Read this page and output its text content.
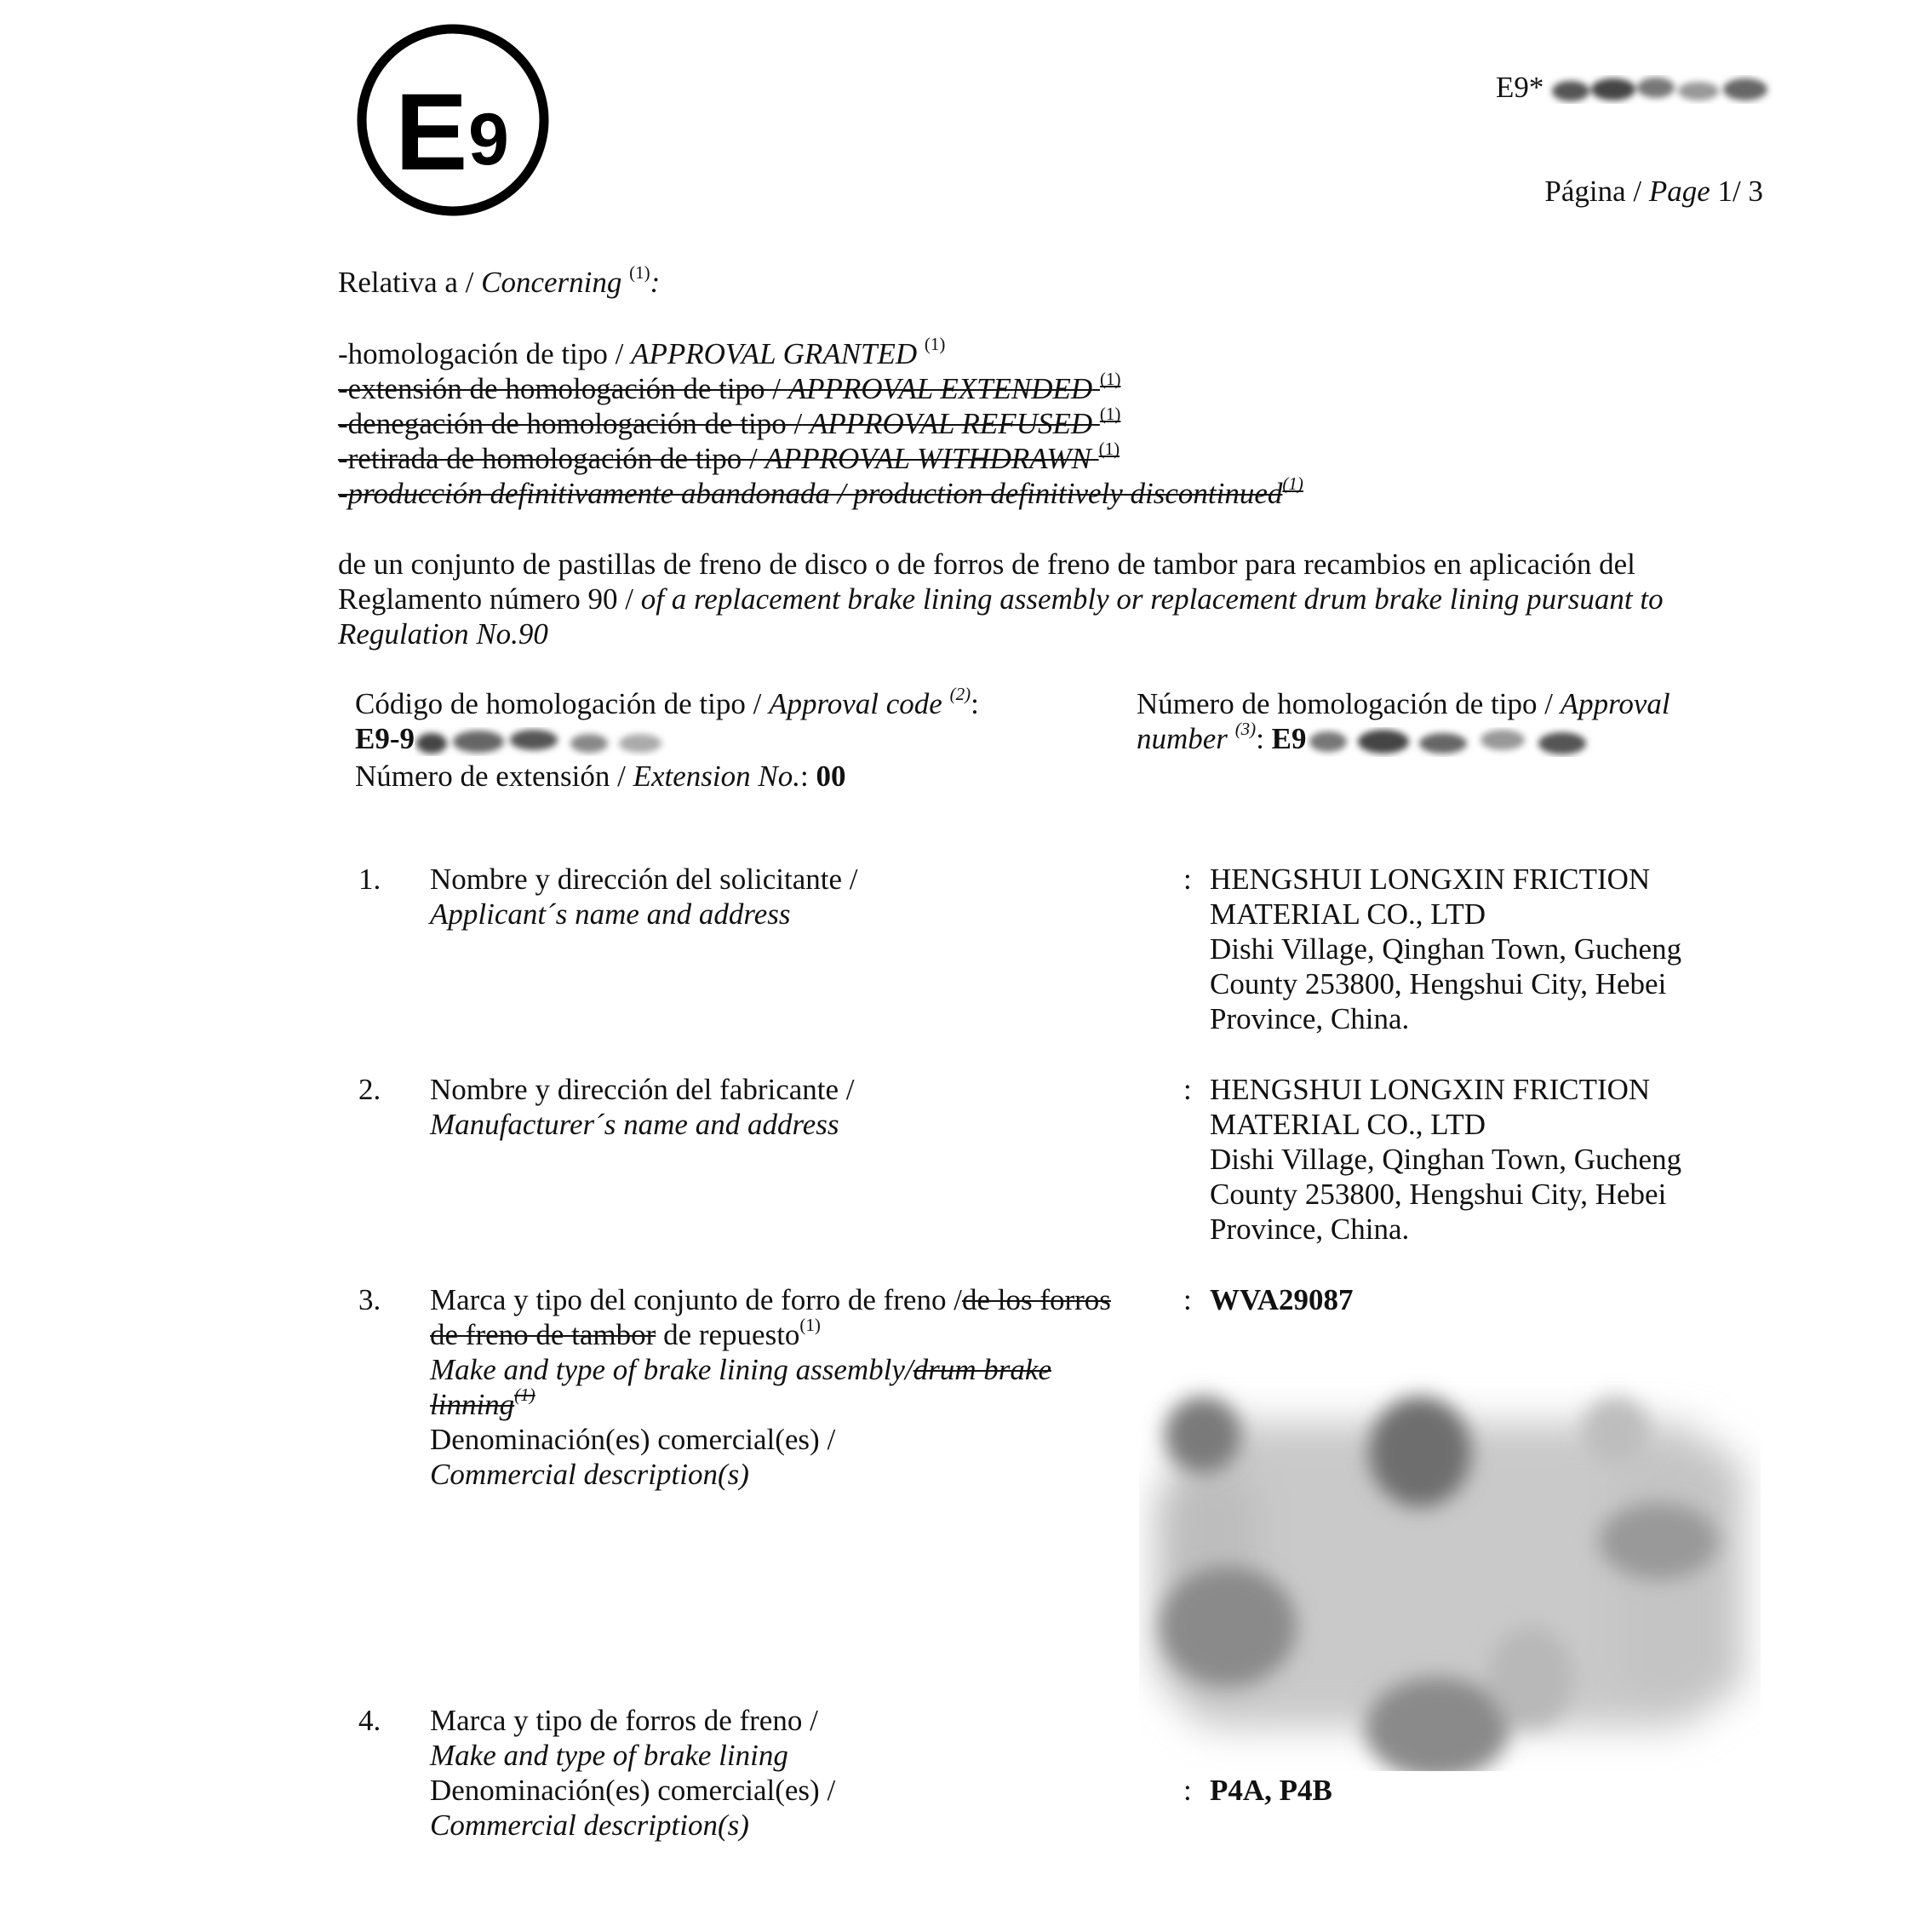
E 9
E9*
Página / Page 1/ 3
Relativa a / Concerning $^{(1)}$:
-homologación de tipo / APPROVAL GRANTED $^{(1)}$
-extensión de homologación de tipo / APPROVAL EXTENDED $^{(1)}$
-denegación de homologación de tipo / APPROVAL REFUSED $^{(1)}$
-retirada de homologación de tipo / APPROVAL WITHDRAWN $^{(1)}$
-producción definitivamente abandonada / production definitively discontinued$^{(1)}$
de un conjunto de pastillas de freno de disco o de forros de freno de tambor para recambios en aplicación del Reglamento número 90 / of a replacement brake lining assembly or replacement drum brake lining pursuant to Regulation No.90
Código de homologación de tipo / Approval code $^{(2)}$:
E9-9
Número de extensión / Extension No.: 00
Número de homologación de tipo / Approval number $^{(3)}$: E9
1. Nombre y dirección del solicitante /
Applicant´s name and address
: HENGSHUI LONGXIN FRICTION MATERIAL CO., LTD
Dishi Village, Qinghan Town, Gucheng County 253800, Hengshui City, Hebei Province, China.
2. Nombre y dirección del fabricante /
Manufacturer´s name and address
: HENGSHUI LONGXIN FRICTION MATERIAL CO., LTD
Dishi Village, Qinghan Town, Gucheng County 253800, Hengshui City, Hebei Province, China.
3. Marca y tipo del conjunto de forro de freno /de los forros de freno de tambor de repuesto$^{(1)}$
Make and type of brake lining assembly/drum brake linning$^{(1)}$
Denominación(es) comercial(es) /
Commercial description(s)
: WVA29087
4. Marca y tipo de forros de freno /
Make and type of brake lining
Denominación(es) comercial(es) /
Commercial description(s)
: P4A, P4B
